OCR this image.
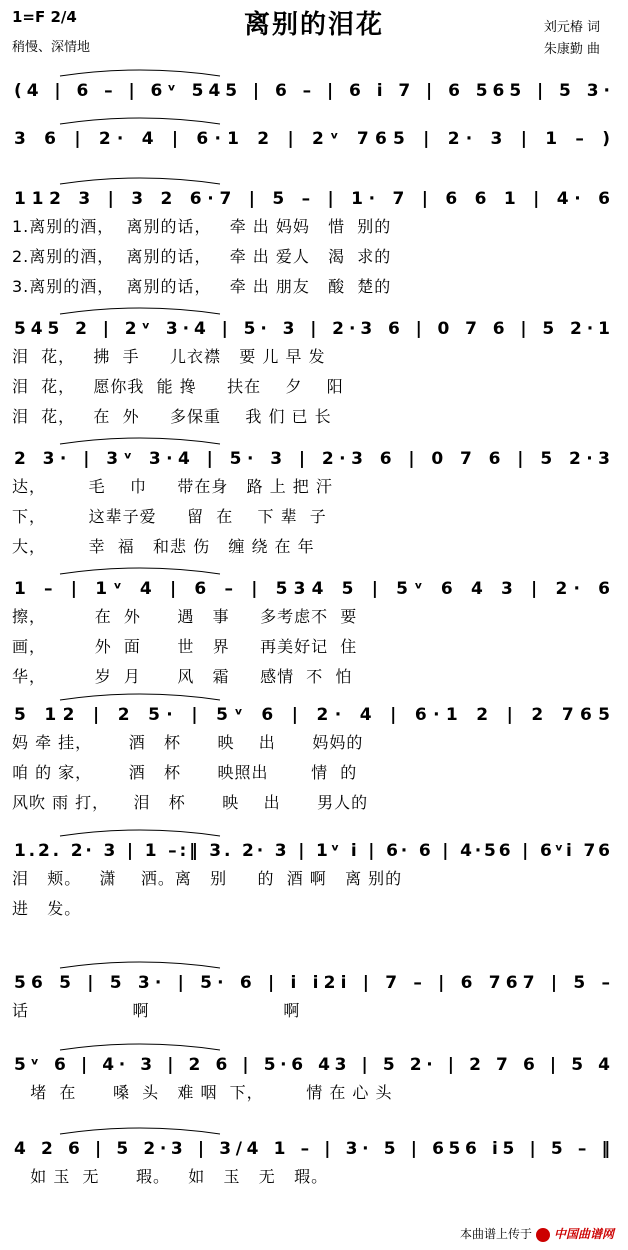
离别的泪花
1=F 2/4
稍慢、深情地
刘元椿 词
朱康勤 曲
(4 | 6 – | 6ᵛ 545 | 6 – | 6 i 7 | 6 565 | 5 3·
3 6 | 2· 4 | 6·1 2 | 2ᵛ 765 | 2· 3 | 1 – )
112 3 | 3 2 6·7 | 5 – | 1· 7 | 6 6 1 | 4· 6
1.离别的酒，  离别的话，   牵 出 妈妈   惜  别的
2.离别的酒，  离别的话，   牵 出 爱人   渴  求的
3.离别的酒，  离别的话，   牵 出 朋友   酸  楚的
545 2 | 2ᵛ 3·4 | 5· 3 | 2·3 6 | 0 7 6 | 5 2·1
泪  花，   拂  手     儿衣襟   要 儿 早 发
泪  花，   愿你我  能 搀     扶在    夕    阳
泪  花，   在  外     多保重    我 们 已 长
2 3· | 3ᵛ 3·4 | 5· 3 | 2·3 6 | 0 7 6 | 5 2·3
达，       毛    巾     带在身   路 上 把 汗
下，       这辈子爱     留  在    下 辈  子
大，       幸  福   和悲 伤   缠 绕 在 年
1 – | 1ᵛ 4 | 6 – | 534 5 | 5ᵛ 6 4 3 | 2· 6
擦，        在  外      遇   事     多考虑不  要
画，        外  面      世   界     再美好记  住
华，        岁  月      风   霜     感情  不  怕
5 12 | 2 5· | 5ᵛ 6 | 2· 4 | 6·1 2 | 2 765
妈 牵 挂，      酒   杯      映    出      妈妈的
咱 的 家，      酒   杯      映照出       情  的
风吹 雨 打，    泪   杯      映    出      男人的
1.2. 2· 3 | 1 –:‖ 3. 2· 3 | 1ᵛ i | 6· 6 | 4·56 | 6ᵛi 76
泪   颊。   潇    洒。离   别     的  酒 啊   离 别的
进   发。
56 5 | 5 3· | 5· 6 | i i2i | 7 – | 6 767 | 5 –
话                 啊                      啊
5ᵛ 6 | 4· 3 | 2 6 | 5·6 43 | 5 2· | 2 7 6 | 5 4
堵  在      嗓  头   难 咽  下，       情 在 心 头
4 2 6 | 5 2·3 | 3/4 1 – | 3· 5 | 656 i5 | 5 – ‖
如 玉  无      瑕。   如   玉   无   瑕。
本曲谱上传于 中国曲谱网
